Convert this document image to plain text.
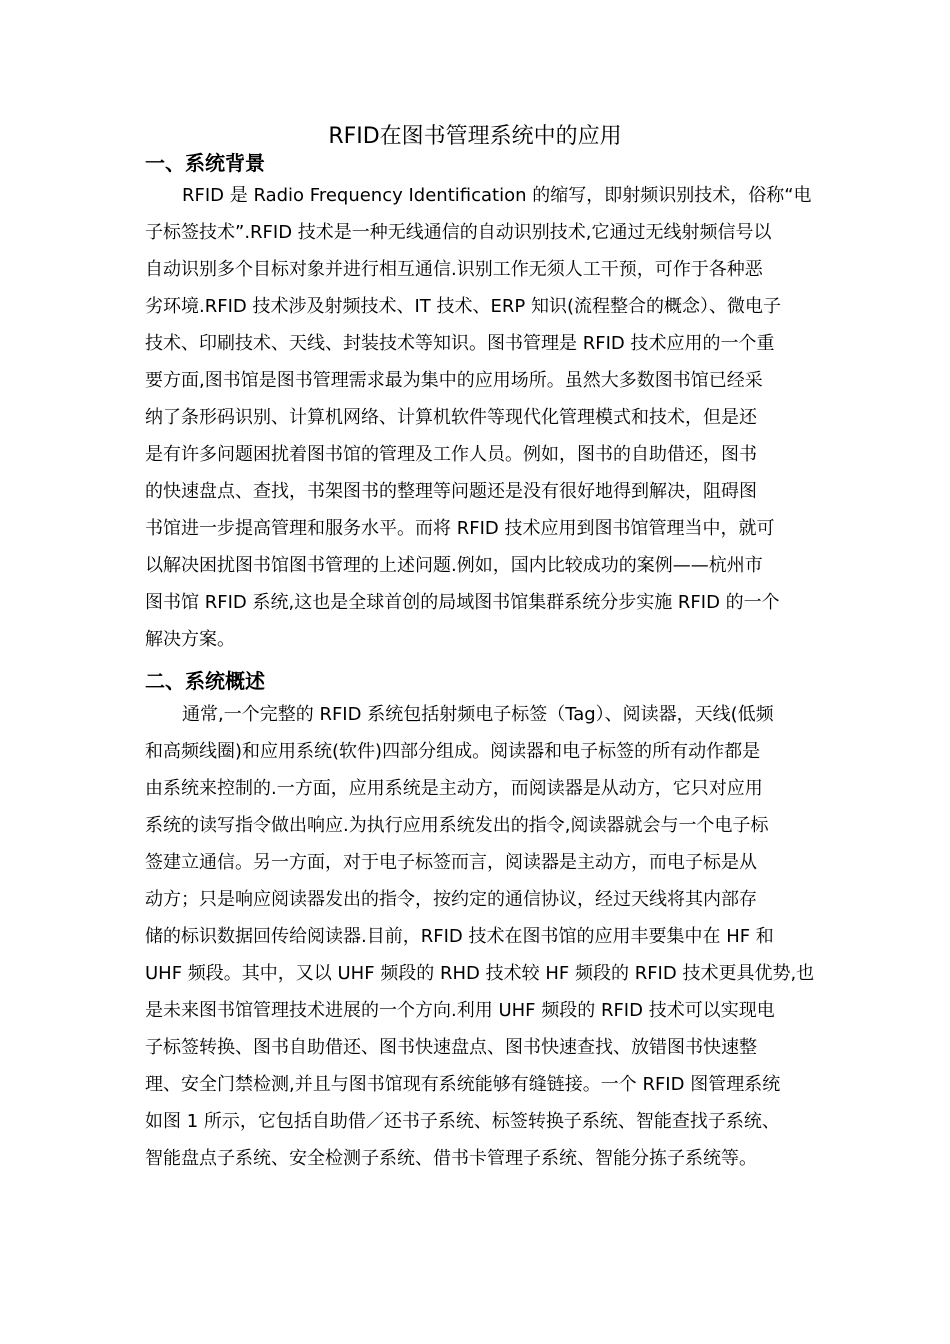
RFID在图书管理系统中的应用
一、系统背景
RFID 是 Radio Frequency Identification 的缩写，即射频识别技术，俗称“电
子标签技术”.RFID 技术是一种无线通信的自动识别技术,它通过无线射频信号以
自动识别多个目标对象并进行相互通信.识别工作无须人工干预，可作于各种恶
劣环境.RFID 技术涉及射频技术、IT 技术、ERP 知识(流程整合的概念）、微电子
技术、印刷技术、天线、封装技术等知识。图书管理是 RFID 技术应用的一个重
要方面,图书馆是图书管理需求最为集中的应用场所。虽然大多数图书馆已经采
纳了条形码识别、计算机网络、计算机软件等现代化管理模式和技术，但是还
是有许多问题困扰着图书馆的管理及工作人员。例如，图书的自助借还，图书
的快速盘点、查找，书架图书的整理等问题还是没有很好地得到解决，阻碍图
书馆进一步提高管理和服务水平。而将 RFID 技术应用到图书馆管理当中，就可
以解决困扰图书馆图书管理的上述问题.例如，国内比较成功的案例——杭州市
图书馆 RFID 系统,这也是全球首创的局域图书馆集群系统分步实施 RFID 的一个
解决方案。
二、系统概述
通常,一个完整的 RFID 系统包括射频电子标签（Tag）、阅读器，天线(低频
和高频线圈)和应用系统(软件)四部分组成。阅读器和电子标签的所有动作都是
由系统来控制的.一方面，应用系统是主动方，而阅读器是从动方，它只对应用
系统的读写指令做出响应.为执行应用系统发出的指令,阅读器就会与一个电子标
签建立通信。另一方面，对于电子标签而言，阅读器是主动方，而电子标是从
动方；只是响应阅读器发出的指令，按约定的通信协议，经过天线将其内部存
储的标识数据回传给阅读器.目前，RFID 技术在图书馆的应用丰要集中在 HF 和
UHF 频段。其中，又以 UHF 频段的 RHD 技术较 HF 频段的 RFID 技术更具优势,也
是未来图书馆管理技术进展的一个方向.利用 UHF 频段的 RFID 技术可以实现电
子标签转换、图书自助借还、图书快速盘点、图书快速查找、放错图书快速整
理、安全门禁检测,并且与图书馆现有系统能够有缝链接。一个 RFID 图管理系统
如图 1 所示，它包括自助借／还书子系统、标签转换子系统、智能查找子系统、
智能盘点子系统、安全检测子系统、借书卡管理子系统、智能分拣子系统等。
